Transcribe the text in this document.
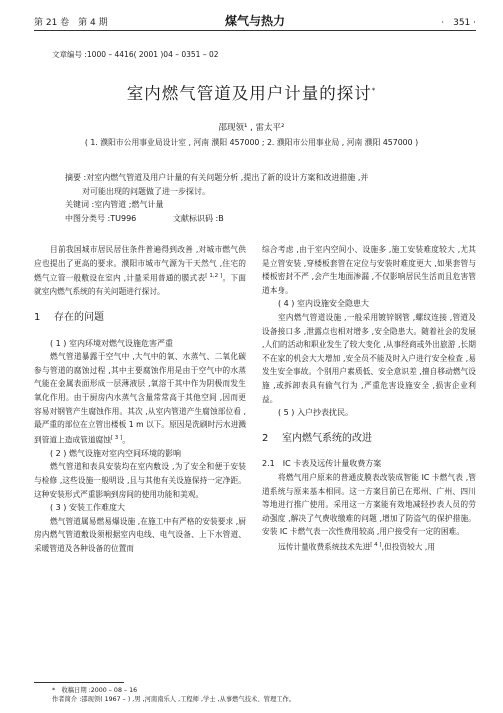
第 21 卷　第 4 期	煤气与热力	·　351 ·
文章编号 :1000 – 4416( 2001 )04 – 0351 – 02
室内燃气管道及用户计量的探讨*
邵现领¹ , 雷太平²
( 1. 濮阳市公用事业局设计室 , 河南 濮阳 457000 ; 2. 濮阳市公用事业局 , 河南 濮阳 457000 )
摘要 :对室内燃气管道及用户计量的有关问题分析 ,提出了新的设计方案和改进措施 ,并
对可能出现的问题做了进一步探讨。
关键词 :室内管道 ;燃气计量
中图分类号 :TU996	文献标识码 :B

目前我国城市居民居住条件普遍得到改善 ,对城市燃气供应也提出了更高的要求。濮阳市城市气源为干天然气 ,住宅的燃气立管一般敷设在室内 ,计量采用普通的膜式表[ 1,2 ]。下面就室内燃气系统的有关问题进行探讨。

1 存在的问题

( 1 ) 室内环境对燃气设施危害严重

燃气管道暴露于空气中 ,大气中的氧、水蒸气、二氧化碳参与管道的腐蚀过程 ,其中主要腐蚀作用是由于空气中的水蒸气能在金属表面形成一层薄液层 ,氧溶于其中作为阴极而发生氧化作用。由于厨房内水蒸气含量常常高于其他空间 ,因而更容易对钢管产生腐蚀作用。其次 ,从室内管道产生腐蚀部位看 ,最严重的部位在立管出楼板 1 m 以下。原因是洗刷时污水进溅到管道上造成管道腐蚀[ 3 ]。

( 2 ) 燃气设施对室内空间环境的影响

燃气管道和表具安装均在室内敷设 ,为了安全和便于安装与检修 ,这些设施一般明设 ,且与其他有关设施保持一定净距。这种安装形式严重影响到房间的使用功能和美观。

( 3 ) 安装工作难度大

燃气管道属易燃易爆设施 ,在施工中有严格的安装要求 ,厨房内燃气管道敷设须根据室内电线、电气设备、上下水管道、采暖管道及各种设备的位置而

综合考虑 ,由于室内空间小、设施多 ,施工安装难度较大 ,尤其是立管安装 ,穿楼板套管在定位与安装时难度更大 ,如果套管与楼板密封不严 ,会产生地面渗漏 ,不仅影响居民生活而且危害管道本身。

( 4 ) 室内设施安全隐患大

室内燃气管道设施 ,一般采用镀锌钢管 ,螺纹连接 ,管道及设备接口多 ,泄露点也相对增多 ,安全隐患大。随着社会的发展 ,人们的活动和职业发生了较大变化 ,从事经商或外出旅游 ,长期不在家的机会大大增加 ,安全员不能及时入户进行安全检查 ,易发生安全事故。个别用户素质低、安全意识差 ,擅自移动燃气设施 ,或拆卸表具有偷气行为 ,严重危害设施安全 ,损害企业利益。

( 5 ) 入户抄表扰民。

2 室内燃气系统的改进

2.1　IC 卡表及远传计量收费方案

将燃气用户原来的普通皮膜表改装成智能 IC 卡燃气表 ,管道系统与原来基本相同。这一方案目前已在郑州、广州、四川等地进行推广使用。采用这一方案能有效地减轻抄表人员的劳动强度 ,解决了气费收缴难的问题 ,增加了防盗气的保护措施。安装 IC 卡燃气表一次性费用较高 ,用户接受有一定的困难。

远传计量收费系统技术先进[ 4 ],但投资较大 ,用

*　收稿日期 :2000 – 08 – 16
作者简介 :邵现领( 1967 – ) ,男 ,河南南乐人 ,工程师 ,学士 ,从事燃气技术、管理工作。
